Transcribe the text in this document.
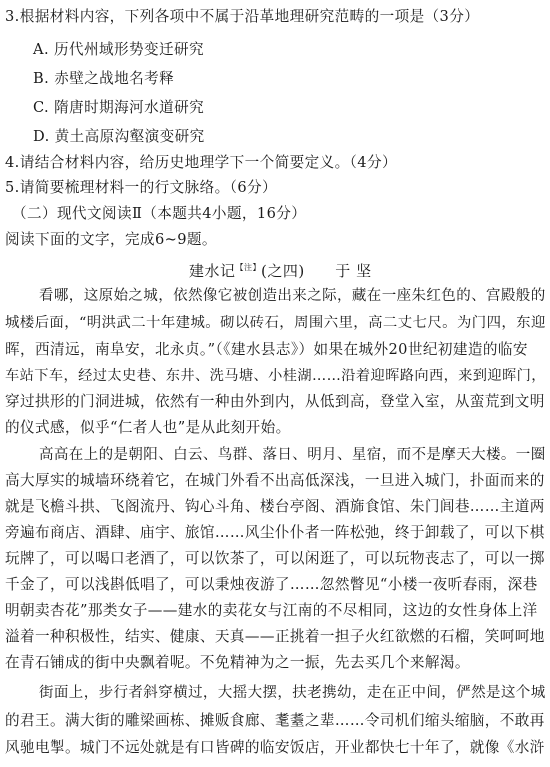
3.根据材料内容，下列各项中不属于沿革地理研究范畴的一项是（3分）
A. 历代州域形势变迁研究
B. 赤壁之战地名考释
C. 隋唐时期海河水道研究
D. 黄土高原沟壑演变研究
4.请结合材料内容，给历史地理学下一个简要定义。（4分）
5.请简要梳理材料一的行文脉络。（6分）
（二）现代文阅读Ⅱ（本题共4小题，16分）
阅读下面的文字，完成6~9题。
建水记$^{【注】}$(之四) 于 坚
看哪，这原始之城，依然像它被创造出来之际，藏在一座朱红色的、宫殿般的
城楼后面，“明洪武二十年建城。砌以砖石，周围六里，高二丈七尺。为门四，东迎
晖，西清远，南阜安，北永贞。”（《建水县志》）如果在城外20世纪初建造的临安
车站下车，经过太史巷、东井、洗马塘、小桂湖……沿着迎晖路向西，来到迎晖门，
穿过拱形的门洞进城，依然有一种由外到内，从低到高，登堂入室，从蛮荒到文明
的仪式感，似乎“仁者人也”是从此刻开始。
高高在上的是朝阳、白云、鸟群、落日、明月、星宿，而不是摩天大楼。一圈
高大厚实的城墙环绕着它，在城门外看不出高低深浅，一旦进入城门，扑面而来的
就是飞檐斗拱、飞阁流丹、钩心斗角、楼台亭阁、酒旆食馆、朱门闾巷……主道两
旁遍布商店、酒肆、庙宇、旅馆……风尘仆仆者一阵松弛，终于卸载了，可以下棋
玩牌了，可以喝口老酒了，可以饮茶了，可以闲逛了，可以玩物丧志了，可以一掷
千金了，可以浅斟低唱了，可以秉烛夜游了……忽然瞥见“小楼一夜听春雨，深巷
明朝卖杏花”那类女子——建水的卖花女与江南的不尽相同，这边的女性身体上洋
溢着一种积极性，结实、健康、天真——正挑着一担子火红欲燃的石榴，笑呵呵地
在青石铺成的街中央飘着呢。不免精神为之一振，先去买几个来解渴。
街面上，步行者斜穿横过，大摇大摆，扶老携幼，走在正中间，俨然是这个城
的君王。满大街的雕梁画栋、摊贩食廊、耄耋之辈……令司机们缩头缩脑，不敢再
风驰电掣。城门不远处就是有口皆碑的临安饭店，开业都快七十年了，就像《水浒
